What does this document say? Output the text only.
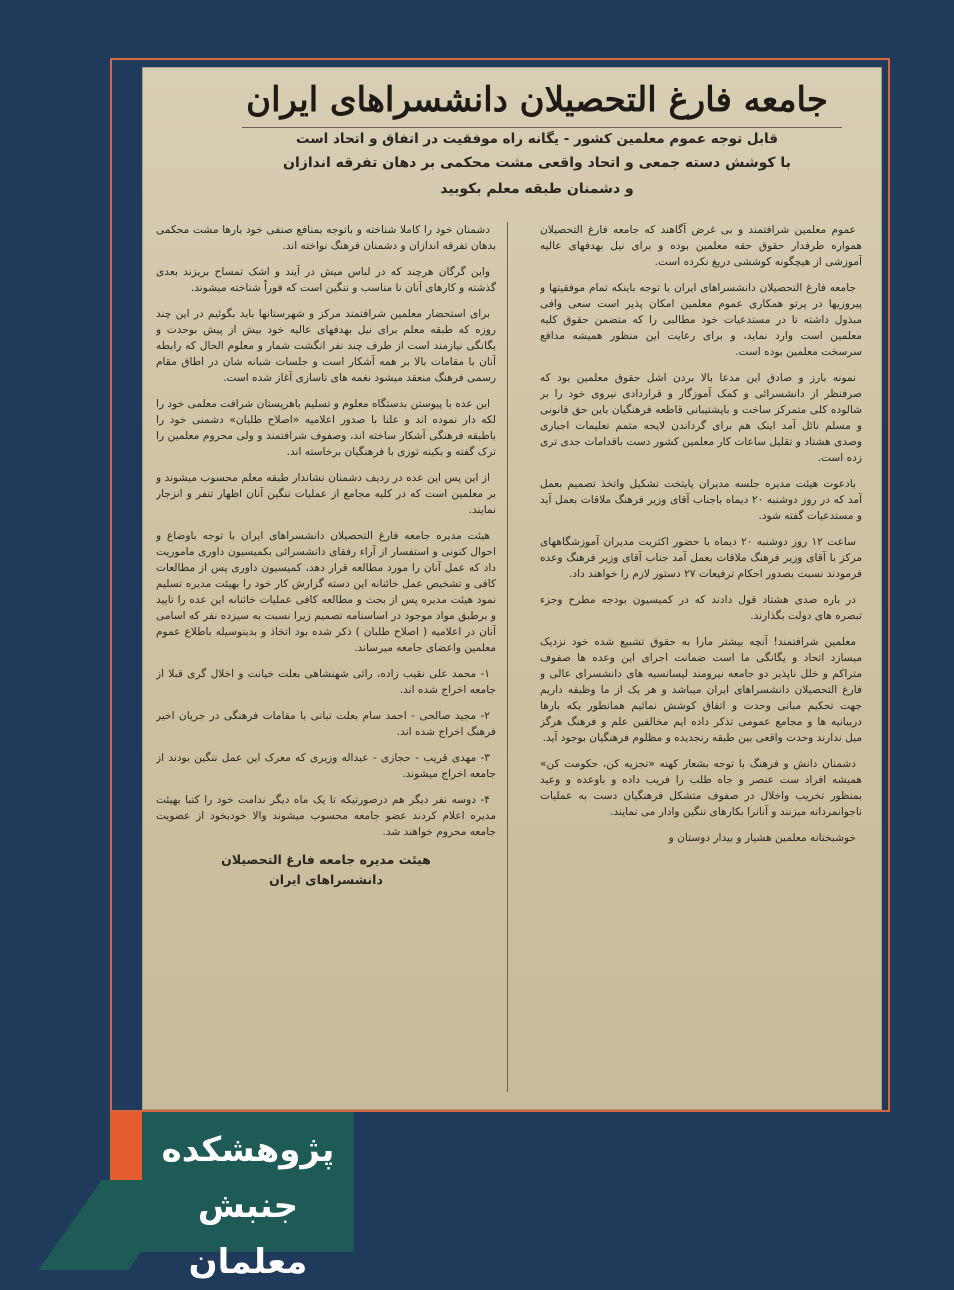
جامعه فارغ التحصیلان دانشسراهای ایران
قابل توجه عموم معلمین کشور - یگانه راه موفقیت در اتفاق و اتحاد است
با کوشش دسته جمعی و اتحاد واقعی مشت محکمی بر دهان تفرقه اندازان
و دشمنان طبقه معلم بکوبید

عموم معلمین شرافتمند و بی غرض آگاهند که جامعه فارغ التحصیلان همواره طرفدار حقوق حقه معلمین بوده و برای نیل بهدفهای عالیه آموزشی از هیچگونه کوششی دریغ نکرده است.

جامعه فارغ التحصیلان دانشسراهای ایران با توجه باینکه تمام موفقیتها و پیروزیها در پرتو همکاری عموم معلمین امکان پذیر است سعی وافی مبذول داشته تا در مستدعیات خود مطالبی را که متضمن حقوق کلیه معلمین است وارد نماید، و برای رعایت این منظور همیشه مدافع سرسخت معلمین بوده است.

نمونه بارز و صادق این مدعا بالا بردن اشل حقوق معلمین بود که صرفنظر از دانشسرائی و کمک آموزگار و قراردادی نیروی خود را بر شالوده کلی متمرکز ساخت و باپشتیبانی قاطعه فرهنگیان باین حق قانونی و مسلم نائل آمد اینک هم برای گرداندن لایحه متمم تعلیمات اجباری وصدی هشتاد و تقلیل ساعات کار معلمین کشور دست باقدامات جدی تری زده است.

بادعوت هیئت مدیره جلسه مدیران پایتخت تشکیل واتخذ تصمیم بعمل آمد که در روز دوشنبه ۲۰ دیماه باجناب آقای وزیر فرهنگ ملاقات بعمل آید و مستدعیات گفته شود.

ساعت ۱۲ روز دوشنبه ۲۰ دیماه با حضور اکثریت مدیران آموزشگاههای مرکز با آقای وزیر فرهنگ ملاقات بعمل آمد جناب آقای وزیر فرهنگ وعده فرمودند نسبت بصدور احکام ترفیعات ۲۷ دستور لازم را خواهند داد.

در باره صدی هشتاد قول دادند که در کمیسیون بودجه مطرح وجزء تبصره های دولت بگذارند.

معلمین شرافتمند! آنچه بیشتر مارا به حقوق تشبیع شده خود نزدیک میسازد اتحاد و یگانگی ما است ضمانت اجرای این وعده ها صفوف متراکم و خلل ناپذیر دو جامعه نیرومند لیسانسیه های دانشسرای عالی و فارغ التحصیلان دانشسراهای ایران میباشد و هر یک از ما وظیفه داریم جهت تحکیم مبانی وحدت و اتفاق کوشش نمائیم همانطور یکه بارها دربیانیه ها و مجامع عمومی تذکر داده ایم مخالفین علم و فرهنگ هرگز میل ندارند وحدت واقعی بین طبقه رنجدیده و مظلوم فرهنگیان بوجود آید.

دشمنان دانش و فرهنگ با توجه بشعار کهنه «تجزیه کن، حکومت کن» همیشه افراد ست عنصر و جاه طلب را فریب داده و باوعده و وعید بمنظور تخریب واخلال در صفوف متشکل فرهنگیان دست به عملیات ناجوانمردانه میزنند و آنانرا بکارهای ننگین وادار می نمایند.

خوشبختانه معلمین هشیار و بیدار دوستان و

دشمنان خود را کاملا شناخته و باتوجه بمنافع صنفی خود بارها مشت محکمی بدهان تفرقه اندازان و دشمنان فرهنگ نواخته اند.

واین گرگان هرچند که در لباس میش در آیند و اشک تمساح بریزند بعدی گذشته و کارهای آنان نا مناسب و ننگین است که فوراً شناخته میشوند.

برای استحضار معلمین شرافتمند مرکز و شهرستانها باید بگوئیم در این چند روزه که طبقه معلم برای نیل بهدفهای عالیه خود بیش از پیش بوحدت و یگانگی نیازمند است از طرف چند نفر انگشت شمار و معلوم الحال که رابطه آنان با مقامات بالا بر همه آشکار است و جلسات شبانه شان در اطاق مقام رسمی فرهنگ منعقد میشود نغمه های ناسازی آغاز شده است.

این عده با پیوستن بدستگاه معلوم و تسلیم باهرپستان شرافت معلمی خود را لکه دار نموده اند و علنا با صدور اعلامیه «اصلاح طلبان» دشمنی خود را باطبقه فرهنگی آشکار ساخته اند، وصفوف شرافتمند و ولی محروم معلمین را ترک گفته و بکینه توزی با فرهنگیان برخاسته اند.

از این پس این عده در ردیف دشمنان نشاندار طبقه معلم محسوب میشوند و بر معلمین است که در کلیه مجامع از عملیات ننگین آنان اظهار تنفر و انزجار نمایند.

هیئت مدیره جامعه فارغ التحصیلان دانشسراهای ایران با توجه باوضاع و احوال کنونی و استفسار از آراء رفقای دانشسرائی بکمیسیون داوری ماموریت داد که عمل آنان را مورد مطالعه قرار دهد، کمیسیون داوری پس از مطالعات کافی و تشخیص عمل خائنانه این دسته گزارش کار خود را بهیئت مدیره تسلیم نمود هیئت مدیره پس از بحث و مطالعه کافی عملیات خائنانه این عده را تایید و برطبق مواد موجود در اساسنامه تصمیم زیرا نسبت به سیزده نفر که اسامی آنان در اعلامیه ( اصلاح طلبان ) ذکر شده بود اتخاذ و بدینوسیله باطلاع عموم معلمین واعضای جامعه میرساند.

۱- محمد علی نقیب زاده، رائی شهنشاهی بعلت خیانت و اخلال گری قبلا از جامعه اخراج شده اند.

۲- مجید صالحی - احمد سام بعلت تبانی با مقامات فرهنگی در جریان اخیر فرهنگ اخراج شده اند.

۳- مهدی قریب - حجازی - عبداله وزیری که معرک این عمل ننگین بودند از جامعه اخراج میشوند.

۴- دوسه نفر دیگر هم درصورتیکه تا یک ماه دیگر ندامت خود را کتبا بهیئت مدیره اعلام کردند عضو جامعه محسوب میشوند والا خودبخود از عضویت جامعه محروم خواهند شد.

هیئت مدیره جامعه فارغ التحصیلان
دانشسراهای ایران
پژوهشکده
جنبش معلمان
